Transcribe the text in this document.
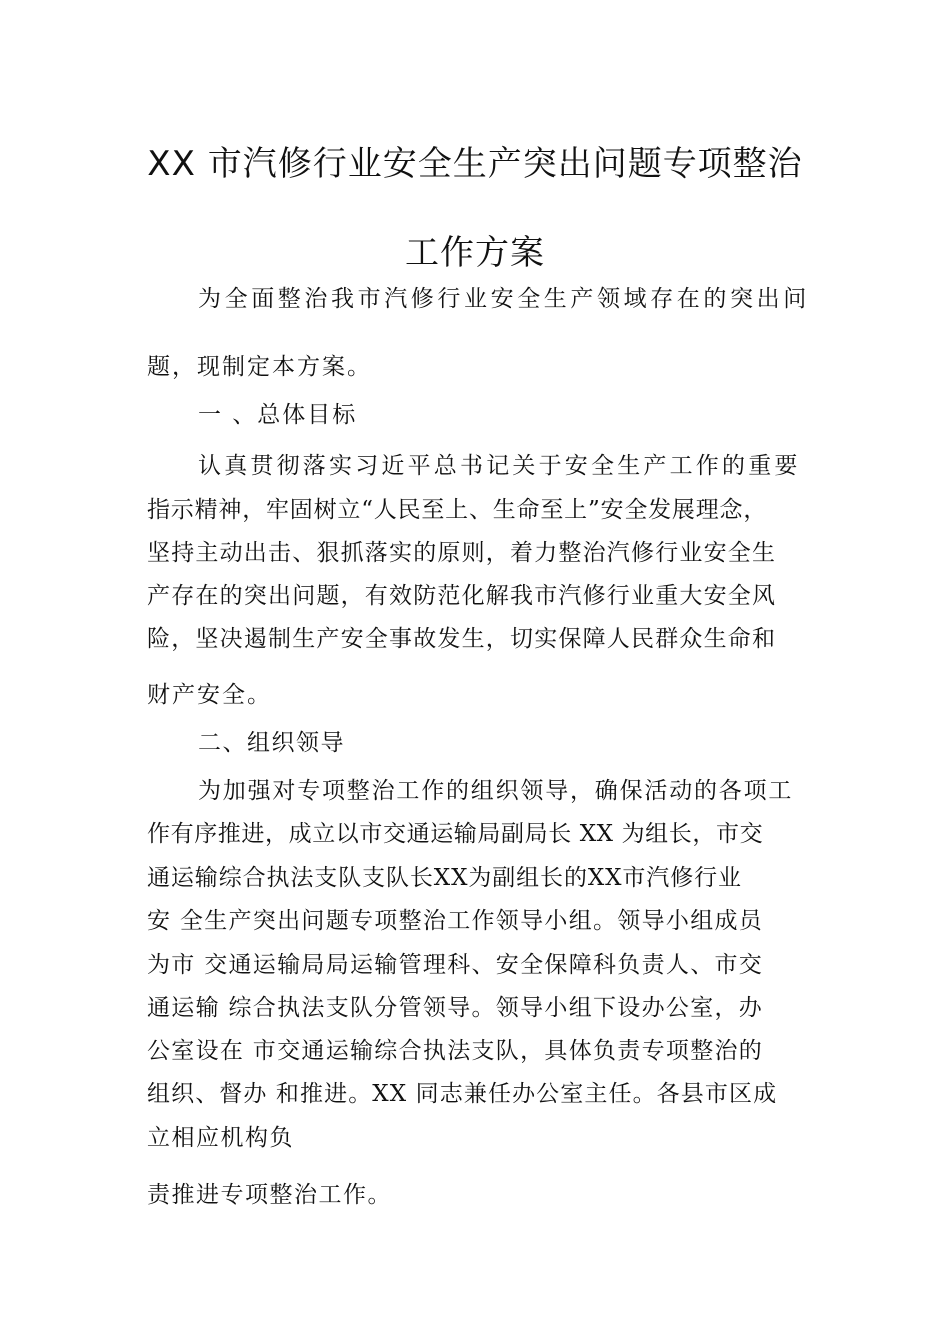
XX 市汽修行业安全生产突出问题专项整治
工作方案
为全面整治我市汽修行业安全生产领域存在的突出问
题，现制定本方案。
一 、总体目标
认真贯彻落实习近平总书记关于安全生产工作的重要
指示精神，牢固树立“人民至上、生命至上”安全发展理念，
坚持主动出击、狠抓落实的原则，着力整治汽修行业安全生
产存在的突出问题，有效防范化解我市汽修行业重大安全风
险，坚决遏制生产安全事故发生，切实保障人民群众生命和
财产安全。
二、组织领导
为加强对专项整治工作的组织领导，确保活动的各项工
作有序推进，成立以市交通运输局副局长 XX 为组长，市交
通运输综合执法支队支队长XX为副组长的XX市汽修行业
安 全生产突出问题专项整治工作领导小组。领导小组成员
为市 交通运输局局运输管理科、安全保障科负责人、市交
通运输 综合执法支队分管领导。领导小组下设办公室，办
公室设在 市交通运输综合执法支队，具体负责专项整治的
组织、督办 和推进。XX 同志兼任办公室主任。各县市区成
立相应机构负
责推进专项整治工作。
